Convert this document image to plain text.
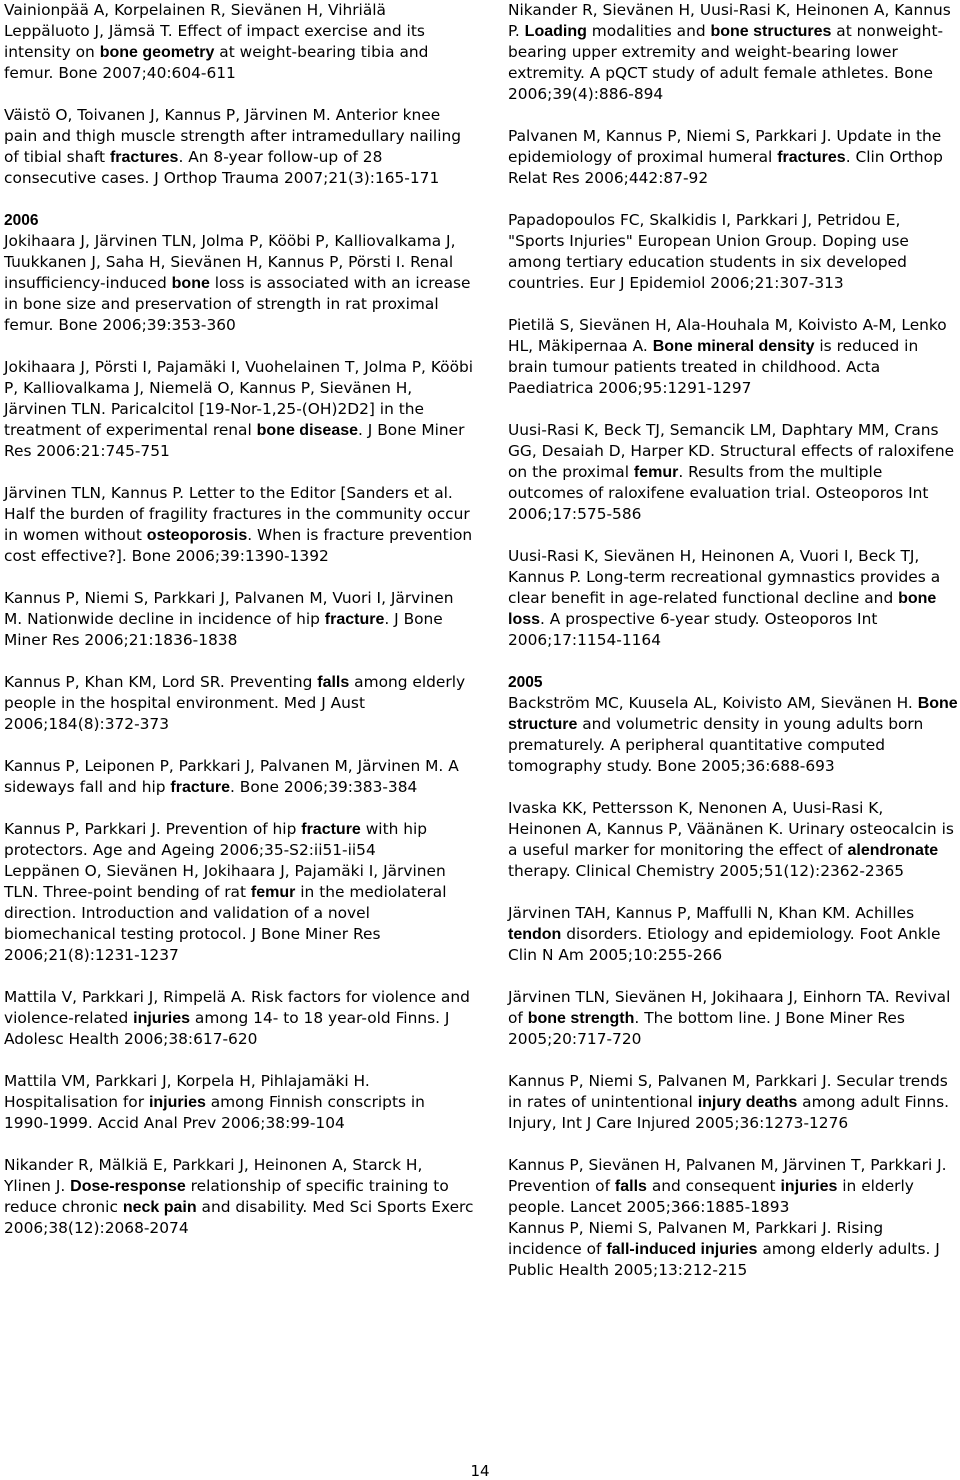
Vainionpää A, Korpelainen R, Sievänen H, Vihriälä Leppäluoto J, Jämsä T. Effect of impact exercise and its intensity on bone geometry at weight-bearing tibia and femur. Bone 2007;40:604-611
Väistö O, Toivanen J, Kannus P, Järvinen M. Anterior knee pain and thigh muscle strength after intramedullary nailing of tibial shaft fractures. An 8-year follow-up of 28 consecutive cases. J Orthop Trauma 2007;21(3):165-171
2006
Jokihaara J, Järvinen TLN, Jolma P, Kööbi P, Kalliovalkama J, Tuukkanen J, Saha H, Sievänen H, Kannus P, Pörsti I. Renal insufficiency-induced bone loss is associated with an icrease in bone size and preservation of strength in rat proximal femur. Bone 2006;39:353-360
Jokihaara J, Pörsti I, Pajamäki I, Vuohelainen T, Jolma P, Kööbi P, Kalliovalkama J, Niemelä O, Kannus P, Sievänen H, Järvinen TLN. Paricalcitol [19-Nor-1,25-(OH)2D2] in the treatment of experimental renal bone disease. J Bone Miner Res 2006:21:745-751
Järvinen TLN, Kannus P. Letter to the Editor [Sanders et al. Half the burden of fragility fractures in the community occur in women without osteoporosis. When is fracture prevention cost effective?]. Bone 2006;39:1390-1392
Kannus P, Niemi S, Parkkari J, Palvanen M, Vuori I, Järvinen M. Nationwide decline in incidence of hip fracture. J Bone Miner Res 2006;21:1836-1838
Kannus P, Khan KM, Lord SR. Preventing falls among elderly people in the hospital environment. Med J Aust 2006;184(8):372-373
Kannus P, Leiponen P, Parkkari J, Palvanen M, Järvinen M. A sideways fall and hip fracture. Bone 2006;39:383-384
Kannus P, Parkkari J. Prevention of hip fracture with hip protectors. Age and Ageing 2006;35-S2:ii51-ii54
Leppänen O, Sievänen H, Jokihaara J, Pajamäki I, Järvinen TLN. Three-point bending of rat femur in the mediolateral direction. Introduction and validation of a novel biomechanical testing protocol. J Bone Miner Res 2006;21(8):1231-1237
Mattila V, Parkkari J, Rimpelä A. Risk factors for violence and violence-related injuries among 14- to 18 year-old Finns. J Adolesc Health 2006;38:617-620
Mattila VM, Parkkari J, Korpela H, Pihlajamäki H. Hospitalisation for injuries among Finnish conscripts in 1990-1999. Accid Anal Prev 2006;38:99-104
Nikander R, Mälkiä E, Parkkari J, Heinonen A, Starck H, Ylinen J. Dose-response relationship of specific training to reduce chronic neck pain and disability. Med Sci Sports Exerc 2006;38(12):2068-2074
Nikander R, Sievänen H, Uusi-Rasi K, Heinonen A, Kannus P. Loading modalities and bone structures at nonweight-bearing upper extremity and weight-bearing lower extremity. A pQCT study of adult female athletes. Bone 2006;39(4):886-894
Palvanen M, Kannus P, Niemi S, Parkkari J. Update in the epidemiology of proximal humeral fractures. Clin Orthop Relat Res 2006;442:87-92
Papadopoulos FC, Skalkidis I, Parkkari J, Petridou E, "Sports Injuries" European Union Group. Doping use among tertiary education students in six developed countries. Eur J Epidemiol 2006;21:307-313
Pietilä S, Sievänen H, Ala-Houhala M, Koivisto A-M, Lenko HL, Mäkipernaa A. Bone mineral density is reduced in brain tumour patients treated in childhood. Acta Paediatrica 2006;95:1291-1297
Uusi-Rasi K, Beck TJ, Semancik LM, Daphtary MM, Crans GG, Desaiah D, Harper KD. Structural effects of raloxifene on the proximal femur. Results from the multiple outcomes of raloxifene evaluation trial. Osteoporos Int 2006;17:575-586
Uusi-Rasi K, Sievänen H, Heinonen A, Vuori I, Beck TJ, Kannus P. Long-term recreational gymnastics provides a clear benefit in age-related functional decline and bone loss. A prospective 6-year study. Osteoporos Int 2006;17:1154-1164
2005
Backström MC, Kuusela AL, Koivisto AM, Sievänen H. Bone structure and volumetric density in young adults born prematurely. A peripheral quantitative computed tomography study. Bone 2005;36:688-693
Ivaska KK, Pettersson K, Nenonen A, Uusi-Rasi K, Heinonen A, Kannus P, Väänänen K. Urinary osteocalcin is a useful marker for monitoring the effect of alendronate therapy. Clinical Chemistry 2005;51(12):2362-2365
Järvinen TAH, Kannus P, Maffulli N, Khan KM. Achilles tendon disorders. Etiology and epidemiology. Foot Ankle Clin N Am 2005;10:255-266
Järvinen TLN, Sievänen H, Jokihaara J, Einhorn TA. Revival of bone strength. The bottom line. J Bone Miner Res 2005;20:717-720
Kannus P, Niemi S, Palvanen M, Parkkari J. Secular trends in rates of unintentional injury deaths among adult Finns. Injury, Int J Care Injured 2005;36:1273-1276
Kannus P, Sievänen H, Palvanen M, Järvinen T, Parkkari J. Prevention of falls and consequent injuries in elderly people. Lancet 2005;366:1885-1893
Kannus P, Niemi S, Palvanen M, Parkkari J. Rising incidence of fall-induced injuries among elderly adults. J Public Health 2005;13:212-215
14
